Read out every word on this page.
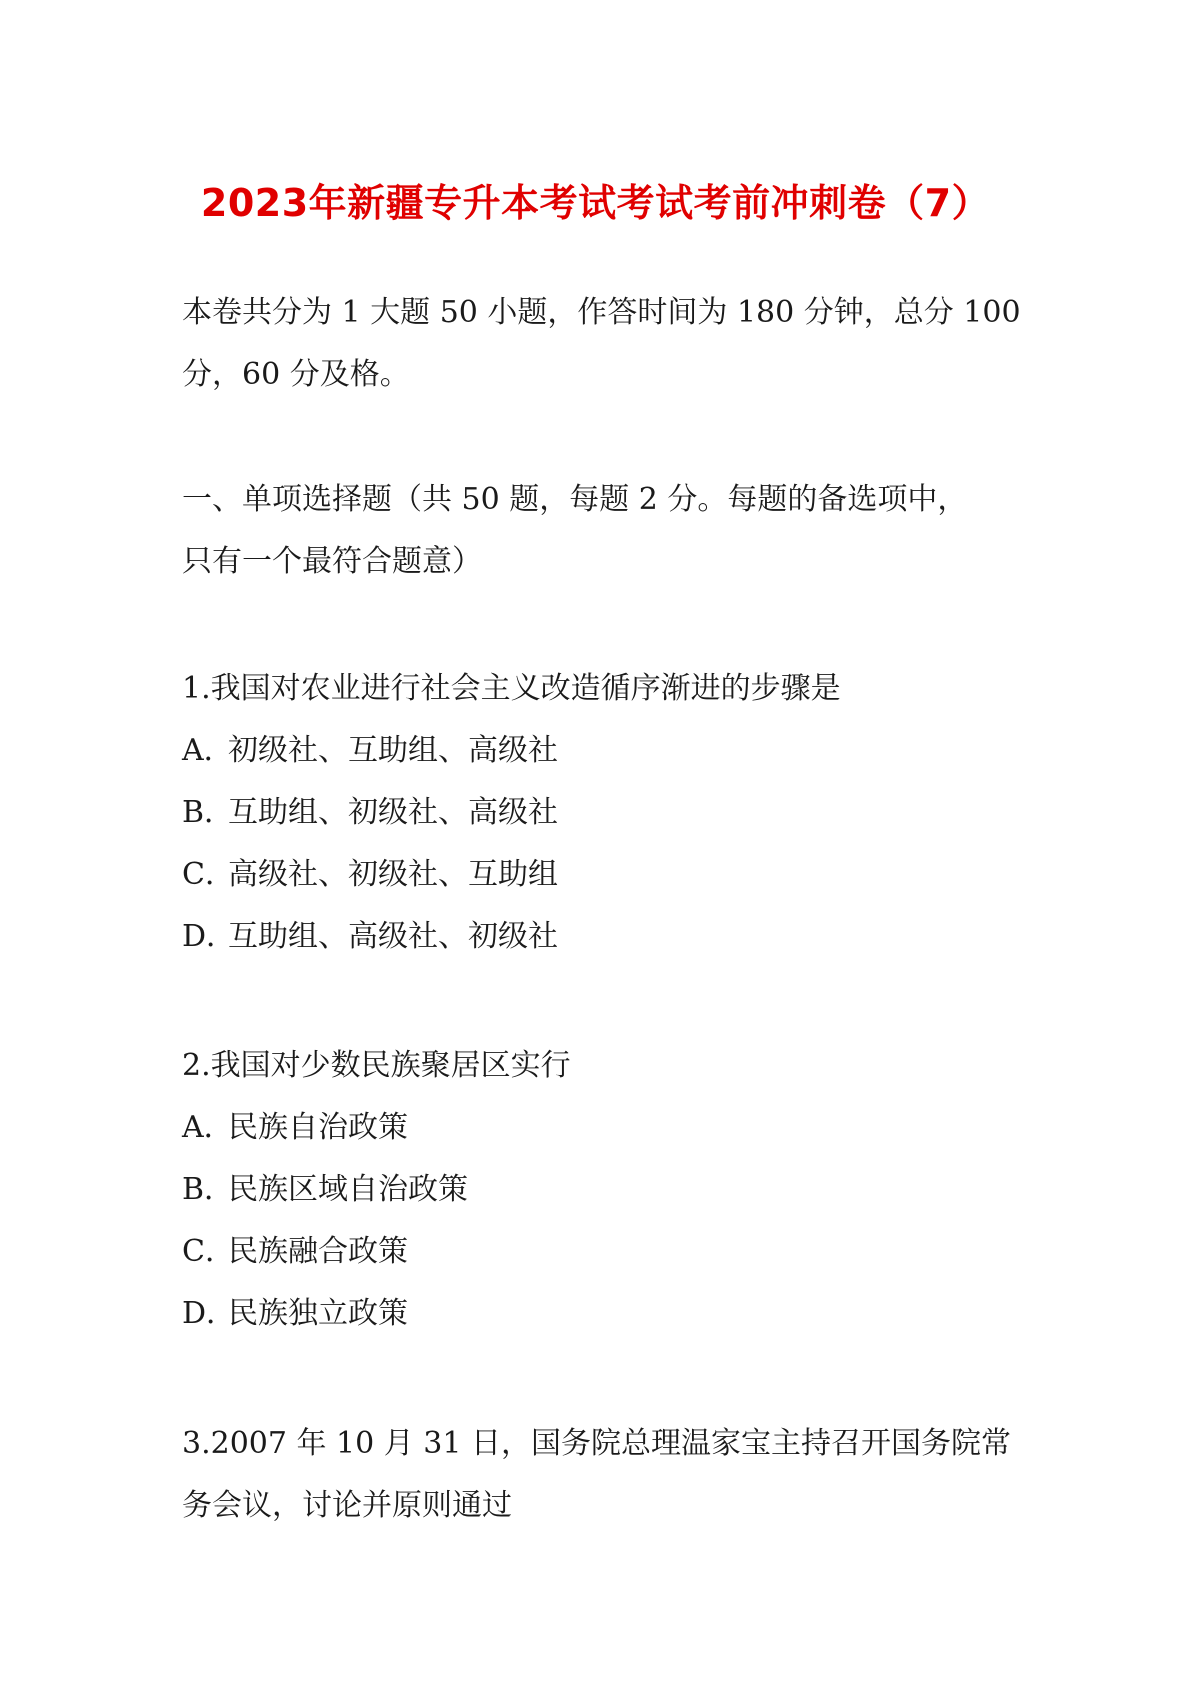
2023年新疆专升本考试考试考前冲刺卷（7）
本卷共分为 1 大题 50 小题，作答时间为 180 分钟，总分 100
分，60 分及格。
一、单项选择题（共 50 题，每题 2 分。每题的备选项中，
只有一个最符合题意）
1.我国对农业进行社会主义改造循序渐进的步骤是
A．初级社、互助组、高级社
B．互助组、初级社、高级社
C．高级社、初级社、互助组
D．互助组、高级社、初级社
2.我国对少数民族聚居区实行
A．民族自治政策
B．民族区域自治政策
C．民族融合政策
D．民族独立政策
3.2007 年 10 月 31 日，国务院总理温家宝主持召开国务院常
务会议，讨论并原则通过
